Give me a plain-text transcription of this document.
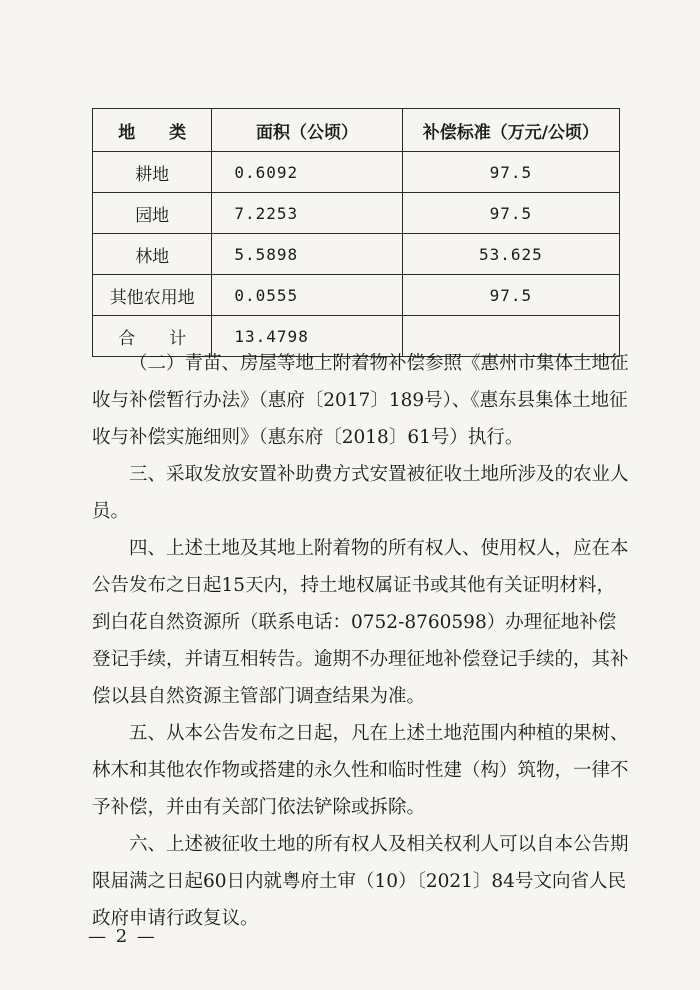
地　　类	面积（公顷）	补偿标准（万元/公顷）
耕地	0.6092	97.5
园地	7.2253	97.5
林地	5.5898	53.625
其他农用地	0.0555	97.5
合　　计	13.4798	

（二）青苗、房屋等地上附着物补偿参照《惠州市集体土地征收与补偿暂行办法》（惠府〔2017〕189号）、《惠东县集体土地征收与补偿实施细则》（惠东府〔2018〕61号）执行。

三、采取发放安置补助费方式安置被征收土地所涉及的农业人员。

四、上述土地及其地上附着物的所有权人、使用权人，应在本公告发布之日起15天内，持土地权属证书或其他有关证明材料，到白花自然资源所（联系电话：0752-8760598）办理征地补偿登记手续，并请互相转告。逾期不办理征地补偿登记手续的，其补偿以县自然资源主管部门调查结果为准。

五、从本公告发布之日起，凡在上述土地范围内种植的果树、林木和其他农作物或搭建的永久性和临时性建（构）筑物，一律不予补偿，并由有关部门依法铲除或拆除。

六、上述被征收土地的所有权人及相关权利人可以自本公告期限届满之日起60日内就粤府土审（10）〔2021〕84号文向省人民政府申请行政复议。

— 2 —
